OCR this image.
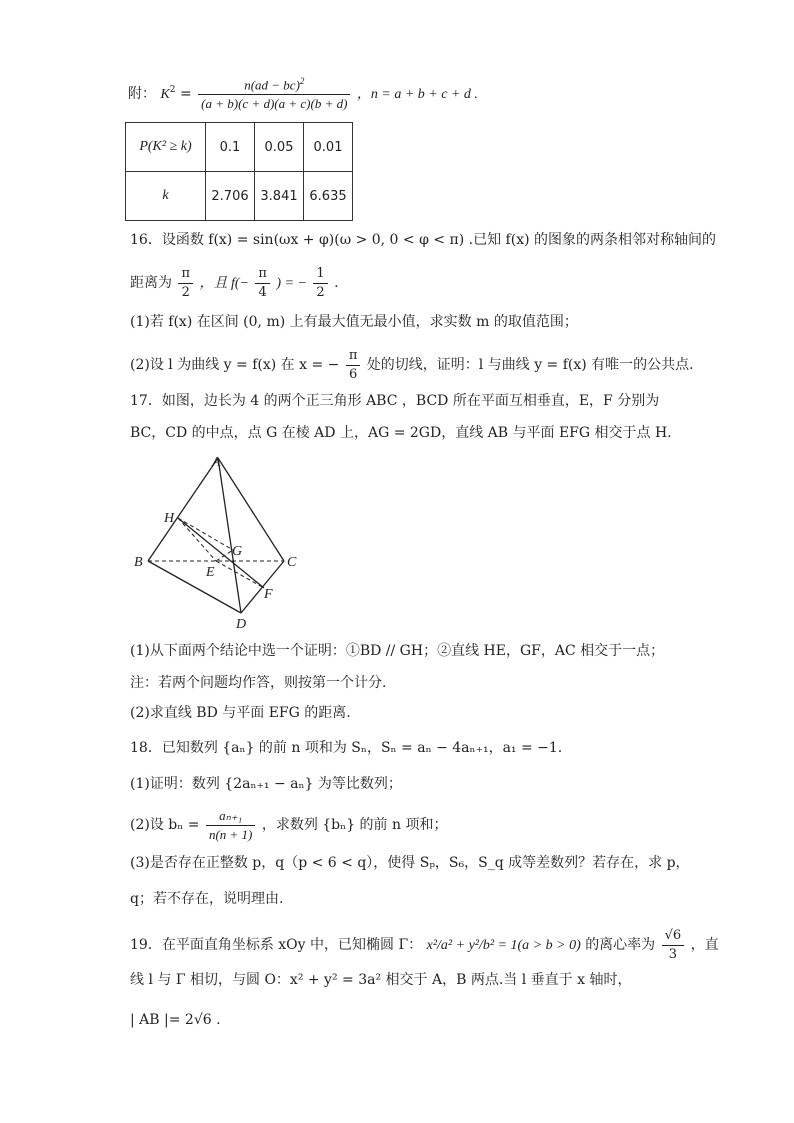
附： $K^2 = \frac{n(ad - bc)^2}{(a + b)(c + d)(a + c)(b + d)}$ ，n = a + b + c + d .
P(K² ≥ k)	0.1	0.05	0.01
k	2.706	3.841	6.635
16．设函数 f(x) = sin(ωx + φ)(ω > 0, 0 < φ < π) .已知 f(x) 的图象的两条相邻对称轴间的
距离为 $\frac{\pi}{2}$ ，且 $f(- \frac{\pi}{4}$ ) = − $\frac{1}{2}$ .
(1)若 f(x) 在区间 (0, m) 上有最大值无最小值，求实数 m 的取值范围；
(2)设 l 为曲线 y = f(x) 在 x = − $\frac{\pi}{6}$ 处的切线，证明：l 与曲线 y = f(x) 有唯一的公共点.
17．如图，边长为 4 的两个正三角形 ABC ，BCD 所在平面互相垂直，E，F 分别为
BC，CD 的中点，点 G 在棱 AD 上，AG = 2GD，直线 AB 与平面 EFG 相交于点 H.
A
H
B	C
G
E
F
D
(1)从下面两个结论中选一个证明：①BD // GH；②直线 HE，GF，AC 相交于一点；
注：若两个问题均作答，则按第一个计分.
(2)求直线 BD 与平面 EFG 的距离.
18．已知数列 {aₙ} 的前 n 项和为 Sₙ，Sₙ = aₙ − 4aₙ₊₁，a₁ = −1.
(1)证明：数列 {2aₙ₊₁ − aₙ} 为等比数列；
(2)设 $b_n = \frac{\text{aₙ₊₁}}{n(n + 1)}$ ，求数列 {bₙ} 的前 n 项和；
(3)是否存在正整数 p，q（p < 6 < q），使得 Sₚ，S₆，S_q 成等差数列？若存在，求 p，
q；若不存在，说明理由.
19．在平面直角坐标系 xOy 中，已知椭圆 Γ： x²/a² + y²/b² = 1(a > b > 0) 的离心率为 $\frac{√6}{3}$ ，直
线 l 与 Γ 相切，与圆 O：x² + y² = 3a² 相交于 A，B 两点.当 l 垂直于 x 轴时，
| AB |= 2√6 .
